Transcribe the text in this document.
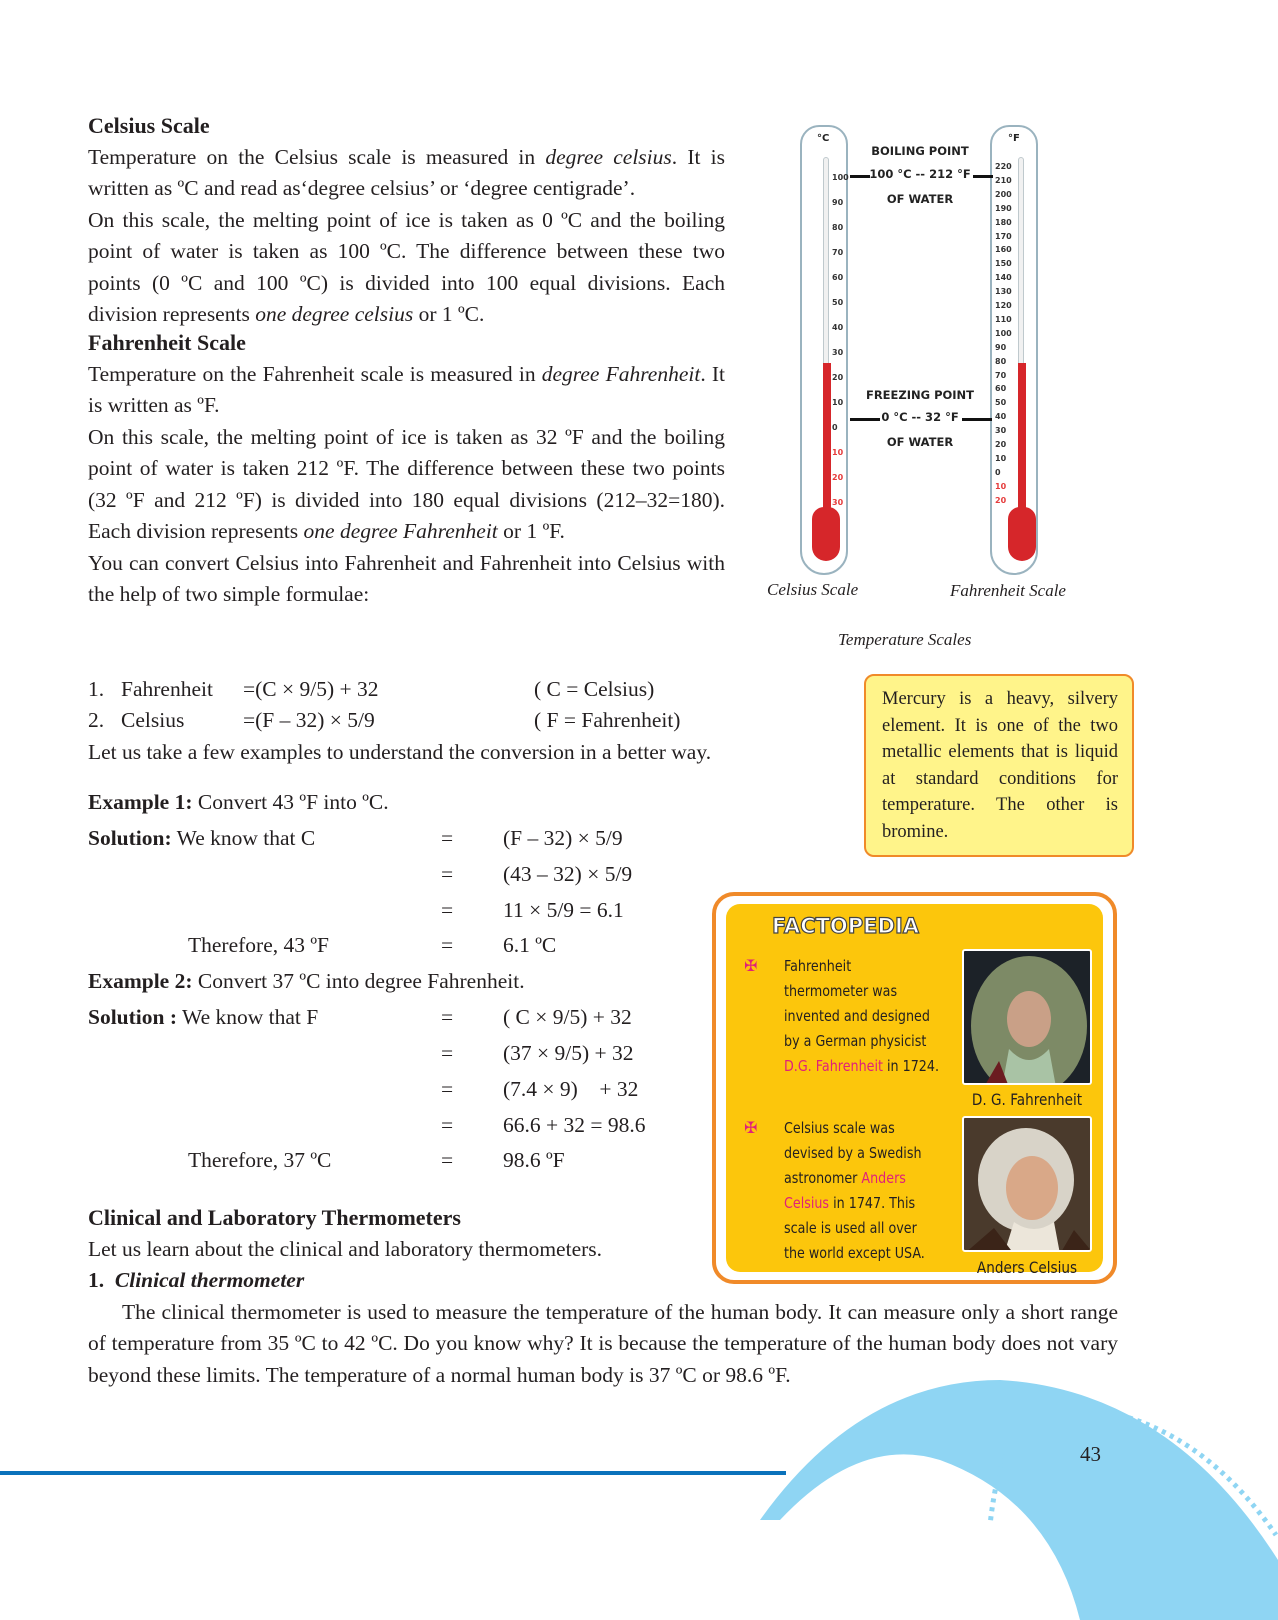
Celsius Scale

Temperature on the Celsius scale is measured in degree celsius. It is written as ºC and read as‘degree celsius’ or ‘degree centigrade’.

On this scale, the melting point of ice is taken as 0 ºC and the boiling point of water is taken as 100 ºC. The difference between these two points (0 ºC and 100 ºC) is divided into 100 equal divisions. Each division represents one degree celsius or 1 ºC.

Fahrenheit Scale

Temperature on the Fahrenheit scale is measured in degree Fahrenheit. It is written as ºF.

On this scale, the melting point of ice is taken as 32 ºF and the boiling point of water is taken 212 ºF. The difference between these two points (32 ºF and 212 ºF) is divided into 180 equal divisions (212–32=180). Each division represents one degree Fahrenheit or 1 ºF.

You can convert Celsius into Fahrenheit and Fahrenheit into Celsius with the help of two simple formulae:

°C
100
90
80
70
60
50
40
30
20
10
0
10
20
30
°F
220
210
200
190
180
170
160
150
140
130
120
110
100
90
80
70
60
50
40
30
20
10
0
10
20
BOILING POINT
100 °C -- 212 °F
OF WATER
FREEZING POINT
0 °C -- 32 °F
OF WATER
Celsius Scale	Fahrenheit Scale
Temperature Scales
1. Fahrenheit =(C × 9/5) + 32	( C = Celsius)
2. Celsius	=(F – 32) × 5/9	( F = Fahrenheit)
Let us take a few examples to understand the conversion in a better way.
Mercury is a heavy, silvery element. It is one of the two metallic elements that is liquid at standard conditions for temperature. The other is bromine.
Example 1: Convert 43 ºF into ºC.
Solution: We know that C	= (F – 32) × 5/9
= (43 – 32) × 5/9
= 11 × 5/9 = 6.1
Therefore, 43 ºF	= 6.1 ºC
Example 2: Convert 37 ºC into degree Fahrenheit.
Solution : We know that F	= ( C × 9/5) + 32
= (37 × 9/5) + 32
= (7.4 × 9)    + 32
= 66.6 + 32 = 98.6
Therefore, 37 ºC	= 98.6 ºF
FACTOPEDIA
✠ Fahrenheit
thermometer was
invented and designed
by a German physicist
D.G. Fahrenheit in 1724.
D. G. Fahrenheit
✠ Celsius scale was
devised by a Swedish
astronomer Anders
Celsius in 1747. This
scale is used all over
the world except USA.
Anders Celsius
Clinical and Laboratory Thermometers

Let us learn about the clinical and laboratory thermometers.

1. Clinical thermometer

The clinical thermometer is used to measure the temperature of the human body. It can measure only a short range of temperature from 35 ºC to 42 ºC. Do you know why? It is because the temperature of the human body does not vary beyond these limits. The temperature of a normal human body is 37 ºC or 98.6 ºF.

43
